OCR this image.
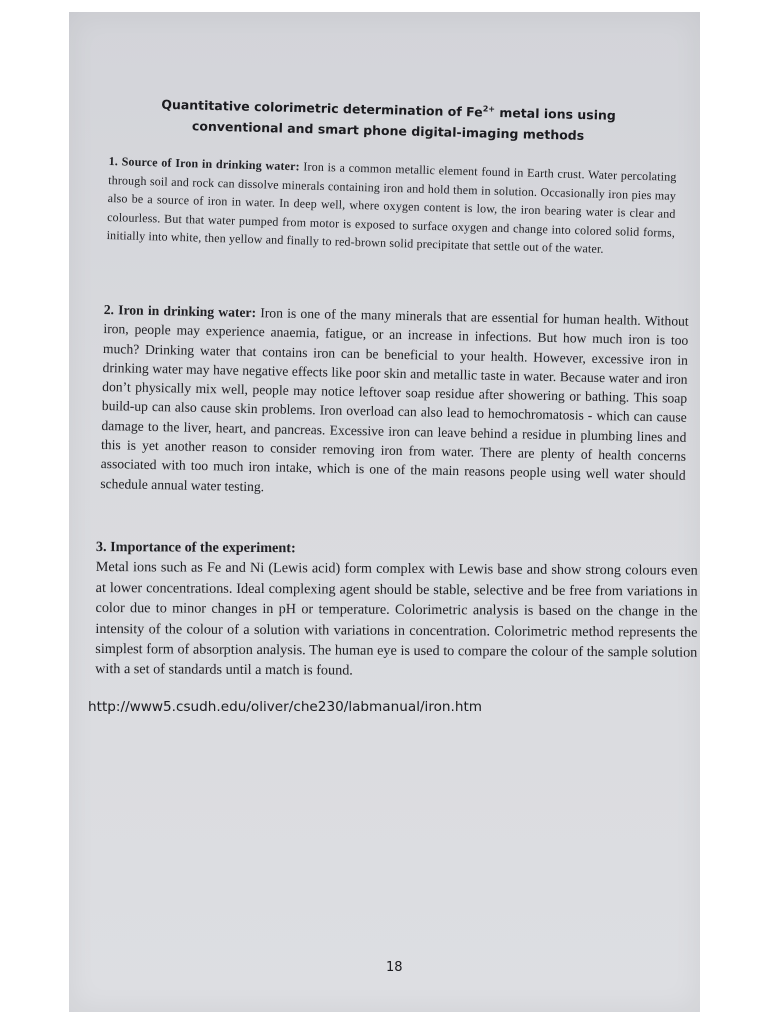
Quantitative colorimetric determination of $Fe^{2+}$ metal ions using
conventional and smart phone digital-imaging methods

1. Source of Iron in drinking water: Iron is a common metallic element found in Earth crust. Water percolating through soil and rock can dissolve minerals containing iron and hold them in solution. Occasionally iron pies may also be a source of iron in water. In deep well, where oxygen content is low, the iron bearing water is clear and colourless. But that water pumped from motor is exposed to surface oxygen and change into colored solid forms, initially into white, then yellow and finally to red-brown solid precipitate that settle out of the water.

2. Iron in drinking water: Iron is one of the many minerals that are essential for human health. Without iron, people may experience anaemia, fatigue, or an increase in infections. But how much iron is too much? Drinking water that contains iron can be beneficial to your health. However, excessive iron in drinking water may have negative effects like poor skin and metallic taste in water. Because water and iron don’t physically mix well, people may notice leftover soap residue after showering or bathing. This soap build-up can also cause skin problems. Iron overload can also lead to hemochromatosis - which can cause damage to the liver, heart, and pancreas. Excessive iron can leave behind a residue in plumbing lines and this is yet another reason to consider removing iron from water. There are plenty of health concerns associated with too much iron intake, which is one of the main reasons people using well water should schedule annual water testing.

3. Importance of the experiment:

Metal ions such as Fe and Ni (Lewis acid) form complex with Lewis base and show strong colours even at lower concentrations. Ideal complexing agent should be stable, selective and be free from variations in color due to minor changes in pH or temperature. Colorimetric analysis is based on the change in the intensity of the colour of a solution with variations in concentration. Colorimetric method represents the simplest form of absorption analysis. The human eye is used to compare the colour of the sample solution with a set of standards until a match is found.

http://www5.csudh.edu/oliver/che230/labmanual/iron.htm
18
